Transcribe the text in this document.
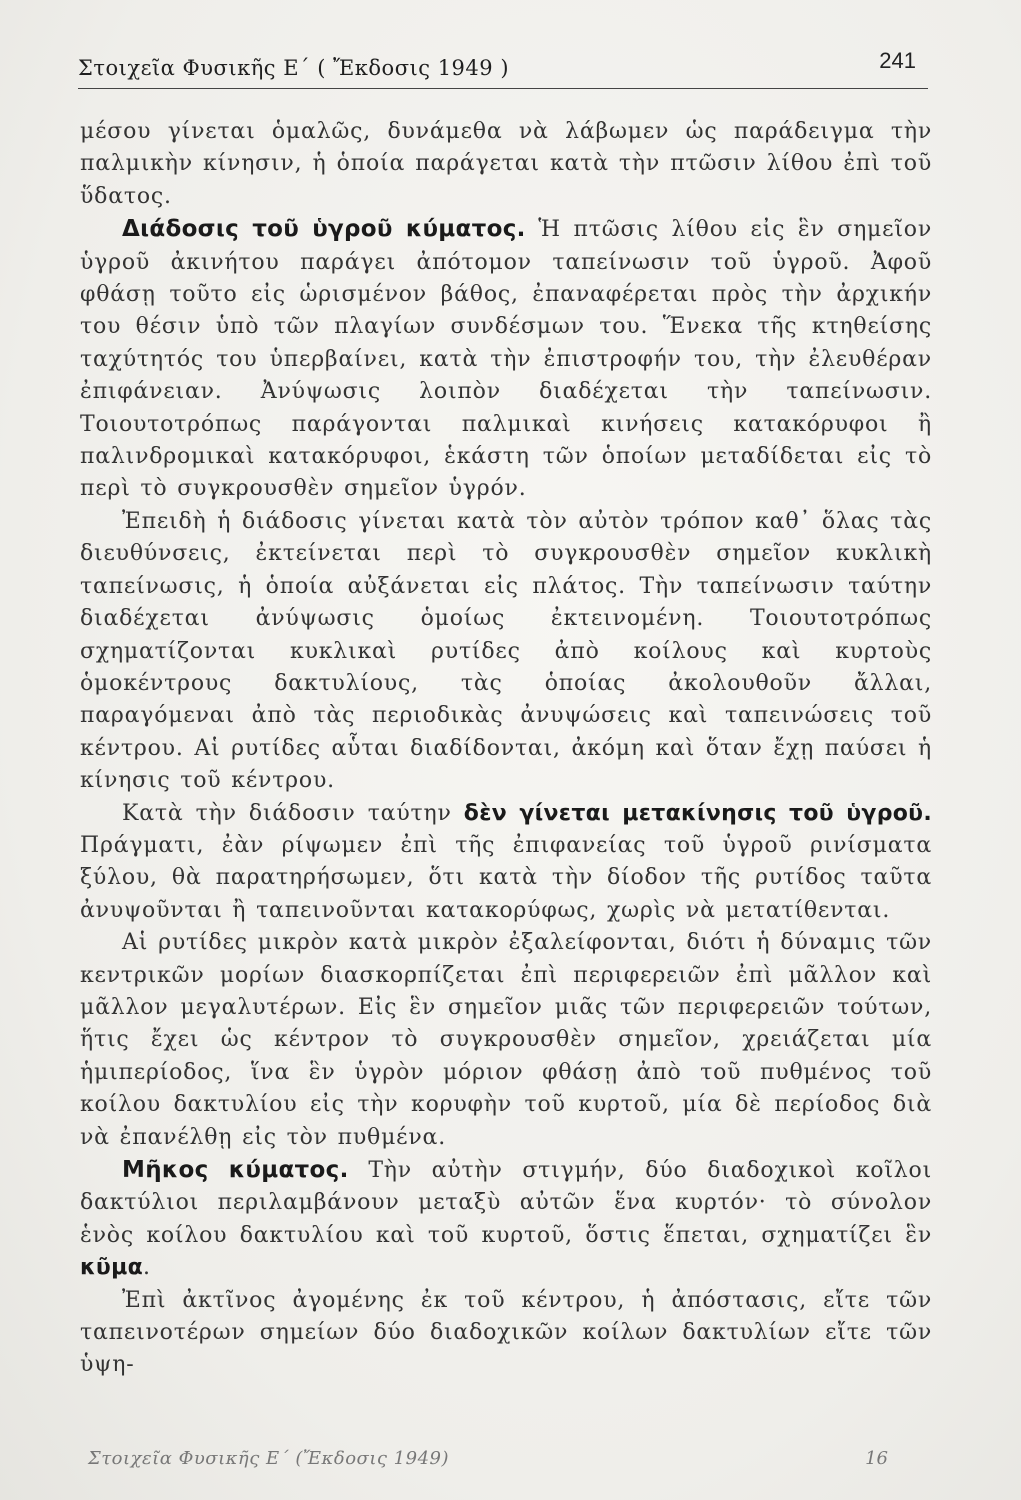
Στοιχεῖα Φυσικῆς Ε΄ ( Ἔκδοσις 1949 )	241

μέσου γίνεται ὁμαλῶς, δυνάμεθα νὰ λάβωμεν ὡς παράδειγμα τὴν παλμικὴν κίνησιν, ἡ ὁποία παράγεται κατὰ τὴν πτῶσιν λίθου ἐπὶ τοῦ ὕδατος.

Διάδοσις τοῦ ὑγροῦ κύματος. Ἡ πτῶσις λίθου εἰς ἓν σημεῖον ὑγροῦ ἀκινήτου παράγει ἀπότομον ταπείνωσιν τοῦ ὑγροῦ. Ἀφοῦ φθάσῃ τοῦτο εἰς ὡρισμένον βάθος, ἐπαναφέρεται πρὸς τὴν ἀρχικήν του θέσιν ὑπὸ τῶν πλαγίων συνδέσμων του. Ἕνεκα τῆς κτηθείσης ταχύτητός του ὑπερβαίνει, κατὰ τὴν ἐπιστροφήν του, τὴν ἐλευθέραν ἐπιφάνειαν. Ἀνύψωσις λοιπὸν διαδέχεται τὴν ταπείνωσιν. Τοιουτοτρόπως παράγονται παλμικαὶ κινήσεις κατακόρυφοι ἢ παλινδρομικαὶ κατακόρυφοι, ἑκάστη τῶν ὁποίων μεταδίδεται εἰς τὸ περὶ τὸ συγκρουσθὲν σημεῖον ὑγρόν.

Ἐπειδὴ ἡ διάδοσις γίνεται κατὰ τὸν αὐτὸν τρόπον καθ᾿ ὅλας τὰς διευθύνσεις, ἐκτείνεται περὶ τὸ συγκρουσθὲν σημεῖον κυκλικὴ ταπείνωσις, ἡ ὁποία αὐξάνεται εἰς πλάτος. Τὴν ταπείνωσιν ταύτην διαδέχεται ἀνύψωσις ὁμοίως ἐκτεινομένη. Τοιουτοτρόπως σχηματίζονται κυκλικαὶ ρυτίδες ἀπὸ κοίλους καὶ κυρτοὺς ὁμοκέντρους δακτυλίους, τὰς ὁποίας ἀκολουθοῦν ἄλλαι, παραγόμεναι ἀπὸ τὰς περιοδικὰς ἀνυψώσεις καὶ ταπεινώσεις τοῦ κέντρου. Αἱ ρυτίδες αὗται διαδίδονται, ἀκόμη καὶ ὅταν ἔχῃ παύσει ἡ κίνησις τοῦ κέντρου.

Κατὰ τὴν διάδοσιν ταύτην δὲν γίνεται μετακίνησις τοῦ ὑγροῦ. Πράγματι, ἐὰν ρίψωμεν ἐπὶ τῆς ἐπιφανείας τοῦ ὑγροῦ ρινίσματα ξύλου, θὰ παρατηρήσωμεν, ὅτι κατὰ τὴν δίοδον τῆς ρυτίδος ταῦτα ἀνυψοῦνται ἢ ταπεινοῦνται κατακορύφως, χωρὶς νὰ μετατίθενται.

Αἱ ρυτίδες μικρὸν κατὰ μικρὸν ἐξαλείφονται, διότι ἡ δύναμις τῶν κεντρικῶν μορίων διασκορπίζεται ἐπὶ περιφερειῶν ἐπὶ μᾶλλον καὶ μᾶλλον μεγαλυτέρων. Εἰς ἓν σημεῖον μιᾶς τῶν περιφερειῶν τούτων, ἥτις ἔχει ὡς κέντρον τὸ συγκρουσθὲν σημεῖον, χρειάζεται μία ἡμιπερίοδος, ἵνα ἓν ὑγρὸν μόριον φθάσῃ ἀπὸ τοῦ πυθμένος τοῦ κοίλου δακτυλίου εἰς τὴν κορυφὴν τοῦ κυρτοῦ, μία δὲ περίοδος διὰ νὰ ἐπανέλθῃ εἰς τὸν πυθμένα.

Μῆκος κύματος. Τὴν αὐτὴν στιγμήν, δύο διαδοχικοὶ κοῖλοι δακτύλιοι περιλαμβάνουν μεταξὺ αὐτῶν ἕνα κυρτόν· τὸ σύνολον ἑνὸς κοίλου δακτυλίου καὶ τοῦ κυρτοῦ, ὅστις ἕπεται, σχηματίζει ἓν κῦμα.

Ἐπὶ ἀκτῖνος ἀγομένης ἐκ τοῦ κέντρου, ἡ ἀπόστασις, εἴτε τῶν ταπεινοτέρων σημείων δύο διαδοχικῶν κοίλων δακτυλίων εἴτε τῶν ὑψη-

Στοιχεῖα Φυσικῆς Ε΄ (Ἔκδοσις 1949)	16
